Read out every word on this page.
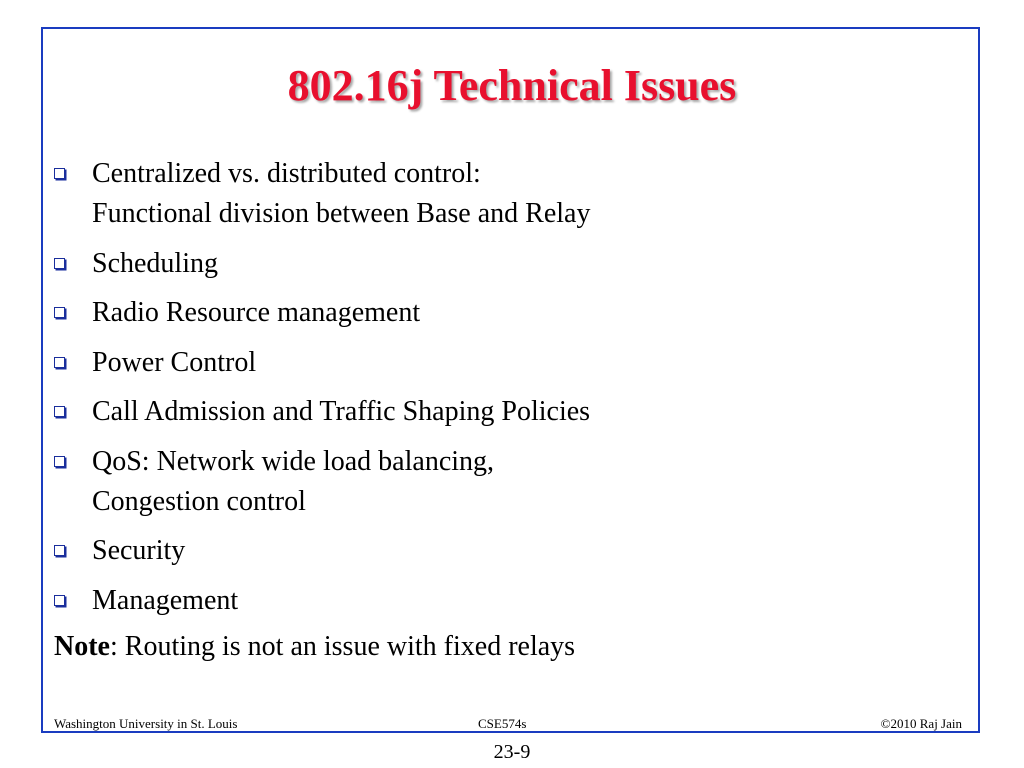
802.16j Technical Issues
Centralized vs. distributed control:
Functional division between Base and Relay
Scheduling
Radio Resource management
Power Control
Call Admission and Traffic Shaping Policies
QoS: Network wide load balancing,
Congestion control
Security
Management
Note: Routing is not an issue with fixed relays
Washington University in St. Louis	CSE574s	©2010 Raj Jain
23-9
